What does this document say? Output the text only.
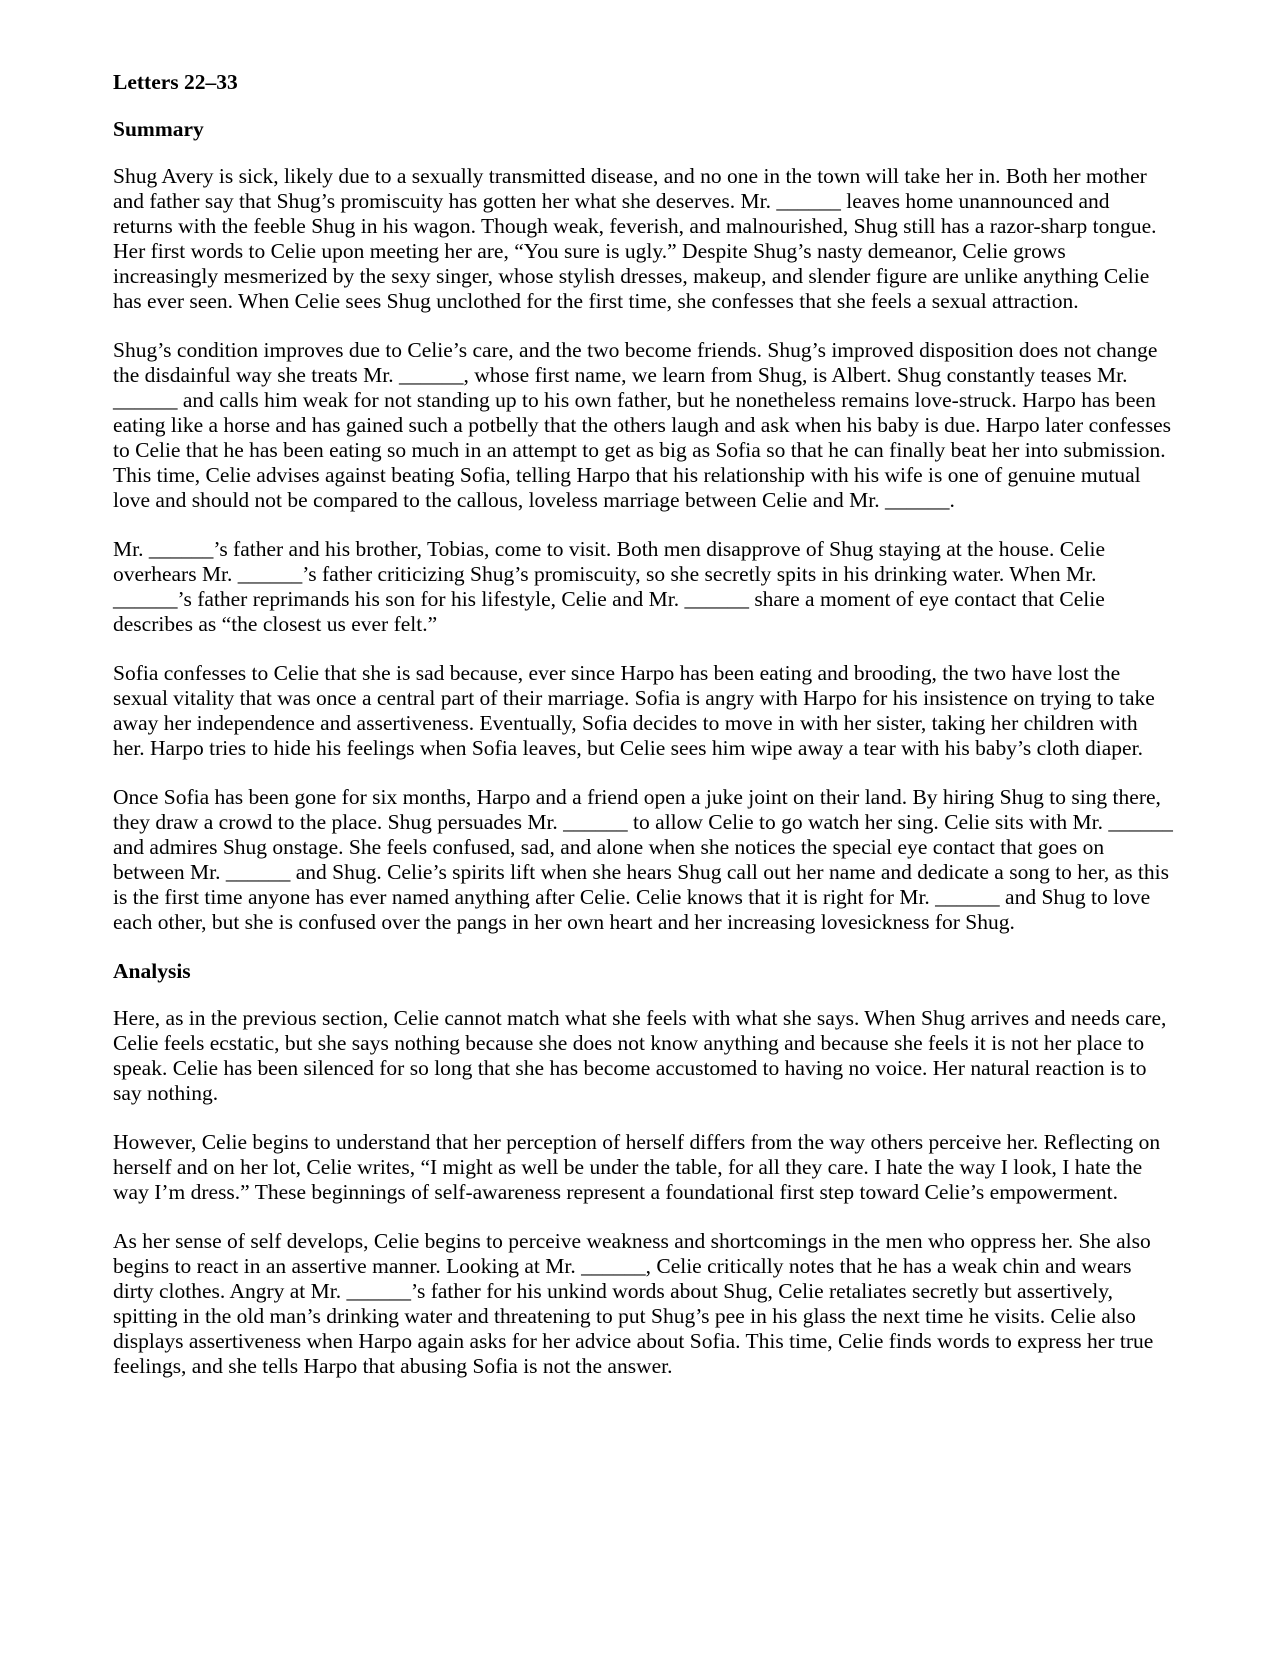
Letters 22–33
Summary

Shug Avery is sick, likely due to a sexually transmitted disease, and no one in the town will take her in. Both her mother and father say that Shug’s promiscuity has gotten her what she deserves. Mr. ______ leaves home unannounced and returns with the feeble Shug in his wagon. Though weak, feverish, and malnourished, Shug still has a razor-sharp tongue. Her first words to Celie upon meeting her are, “You sure is ugly.” Despite Shug’s nasty demeanor, Celie grows increasingly mesmerized by the sexy singer, whose stylish dresses, makeup, and slender figure are unlike anything Celie has ever seen. When Celie sees Shug unclothed for the first time, she confesses that she feels a sexual attraction.

Shug’s condition improves due to Celie’s care, and the two become friends. Shug’s improved disposition does not change the disdainful way she treats Mr. ______, whose first name, we learn from Shug, is Albert. Shug constantly teases Mr. ______ and calls him weak for not standing up to his own father, but he nonetheless remains love-struck. Harpo has been eating like a horse and has gained such a potbelly that the others laugh and ask when his baby is due. Harpo later confesses to Celie that he has been eating so much in an attempt to get as big as Sofia so that he can finally beat her into submission. This time, Celie advises against beating Sofia, telling Harpo that his relationship with his wife is one of genuine mutual love and should not be compared to the callous, loveless marriage between Celie and Mr. ______.

Mr. ______’s father and his brother, Tobias, come to visit. Both men disapprove of Shug staying at the house. Celie overhears Mr. ______’s father criticizing Shug’s promiscuity, so she secretly spits in his drinking water. When Mr. ______’s father reprimands his son for his lifestyle, Celie and Mr. ______ share a moment of eye contact that Celie describes as “the closest us ever felt.”

Sofia confesses to Celie that she is sad because, ever since Harpo has been eating and brooding, the two have lost the sexual vitality that was once a central part of their marriage. Sofia is angry with Harpo for his insistence on trying to take away her independence and assertiveness. Eventually, Sofia decides to move in with her sister, taking her children with her. Harpo tries to hide his feelings when Sofia leaves, but Celie sees him wipe away a tear with his baby’s cloth diaper.

Once Sofia has been gone for six months, Harpo and a friend open a juke joint on their land. By hiring Shug to sing there, they draw a crowd to the place. Shug persuades Mr. ______ to allow Celie to go watch her sing. Celie sits with Mr. ______ and admires Shug onstage. She feels confused, sad, and alone when she notices the special eye contact that goes on between Mr. ______ and Shug. Celie’s spirits lift when she hears Shug call out her name and dedicate a song to her, as this is the first time anyone has ever named anything after Celie. Celie knows that it is right for Mr. ______ and Shug to love each other, but she is confused over the pangs in her own heart and her increasing lovesickness for Shug.

Analysis

Here, as in the previous section, Celie cannot match what she feels with what she says. When Shug arrives and needs care, Celie feels ecstatic, but she says nothing because she does not know anything and because she feels it is not her place to speak. Celie has been silenced for so long that she has become accustomed to having no voice. Her natural reaction is to say nothing.

However, Celie begins to understand that her perception of herself differs from the way others perceive her. Reflecting on herself and on her lot, Celie writes, “I might as well be under the table, for all they care. I hate the way I look, I hate the way I’m dress.” These beginnings of self-awareness represent a foundational first step toward Celie’s empowerment.

As her sense of self develops, Celie begins to perceive weakness and shortcomings in the men who oppress her. She also begins to react in an assertive manner. Looking at Mr. ______, Celie critically notes that he has a weak chin and wears dirty clothes. Angry at Mr. ______’s father for his unkind words about Shug, Celie retaliates secretly but assertively, spitting in the old man’s drinking water and threatening to put Shug’s pee in his glass the next time he visits. Celie also displays assertiveness when Harpo again asks for her advice about Sofia. This time, Celie finds words to express her true feelings, and she tells Harpo that abusing Sofia is not the answer.
